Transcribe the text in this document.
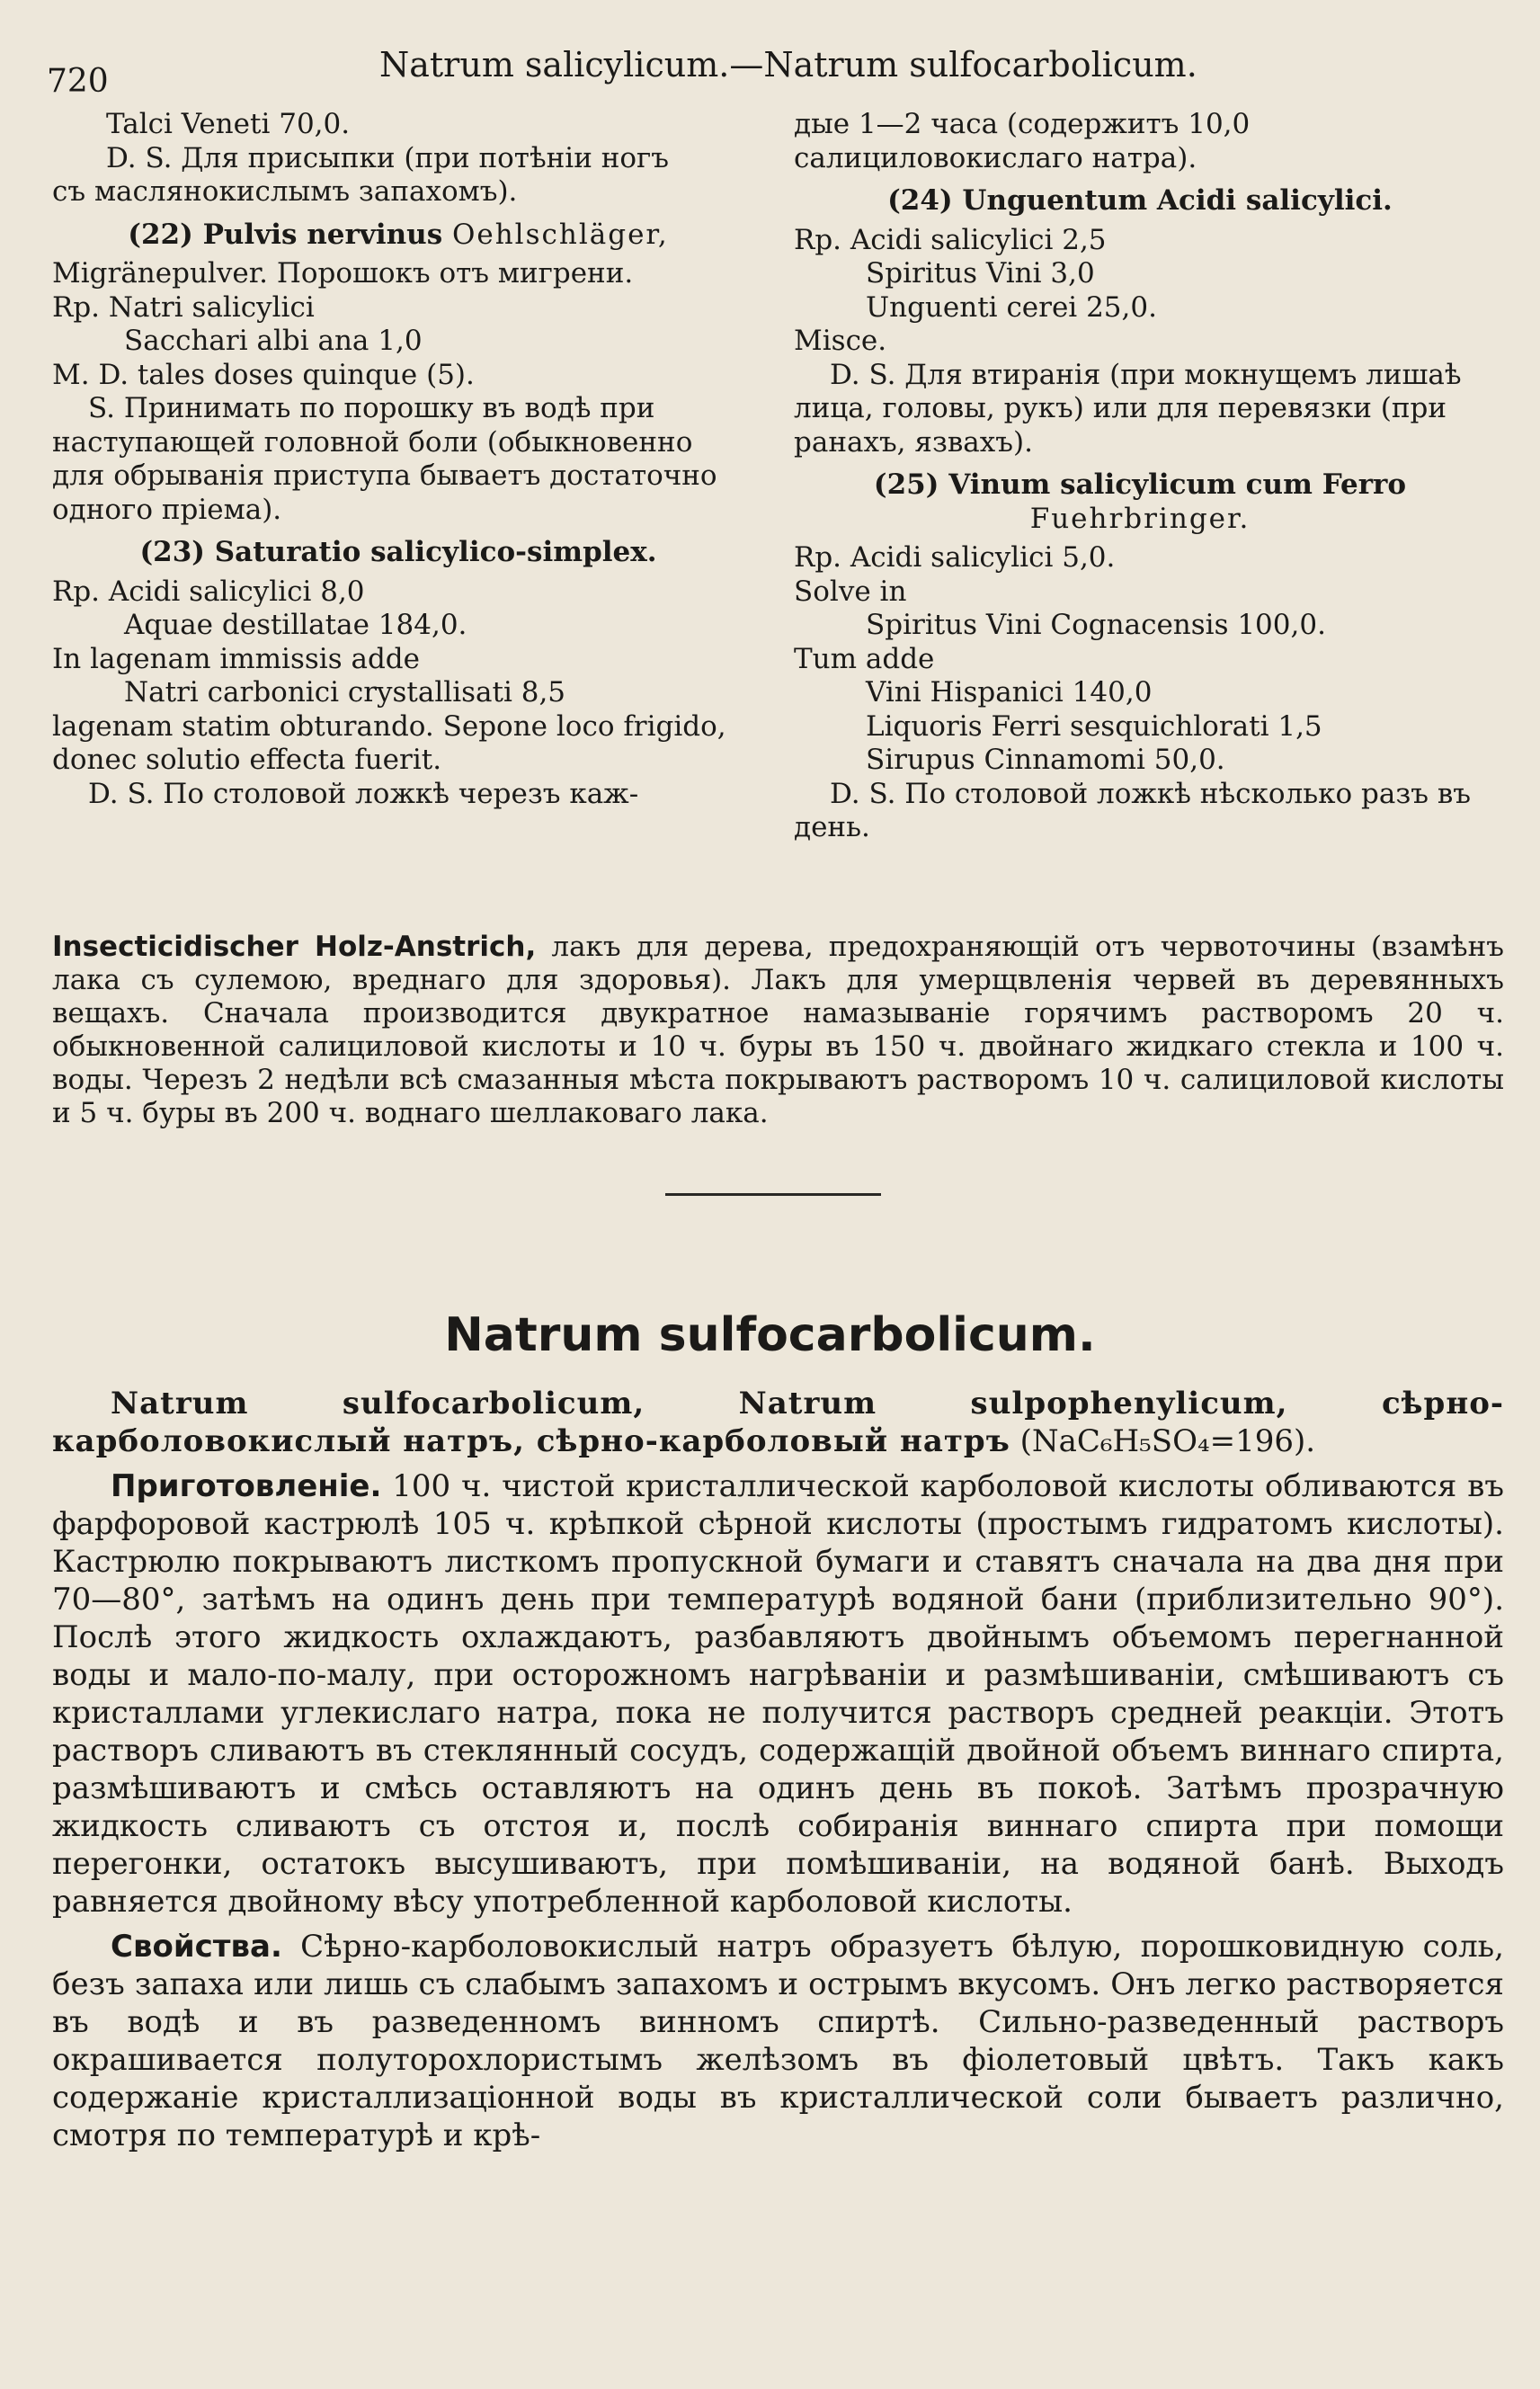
720	Natrum salicylicum.—Natrum sulfocarbolicum.

Talci Veneti 70,0.

D. S. Для присыпки (при потѣніи ногъ

съ маслянокислымъ запахомъ).

(22) Pulvis nervinus Oehlschläger,

Migränepulver. Порошокъ отъ мигрени.

Rp. Natri salicylici

Sacchari albi ana 1,0

M. D. tales doses quinque (5).

S. Принимать по порошку въ водѣ при наступающей головной боли (обыкновенно для обрыванія приступа бываетъ достаточно одного пріема).

(23) Saturatio salicylico-simplex.

Rp. Acidi salicylici 8,0

Aquae destillatae 184,0.

In lagenam immissis adde

Natri carbonici crystallisati 8,5

lagenam statim obturando. Sepone loco frigido, donec solutio effecta fuerit.

D. S. По столовой ложкѣ черезъ каж-

дые 1—2 часа (содержитъ 10,0 салициловокислаго натра).

(24) Unguentum Acidi salicylici.

Rp. Acidi salicylici 2,5

Spiritus Vini 3,0

Unguenti cerei 25,0.

Misce.

D. S. Для втиранія (при мокнущемъ лишаѣ лица, головы, рукъ) или для перевязки (при ранахъ, язвахъ).

(25) Vinum salicylicum cum Ferro Fuehrbringer.

Rp. Acidi salicylici 5,0.

Solve in

Spiritus Vini Cognacensis 100,0.

Tum adde

Vini Hispanici 140,0

Liquoris Ferri sesquichlorati 1,5

Sirupus Cinnamomi 50,0.

D. S. По столовой ложкѣ нѣсколько разъ въ день.

Insecticidischer Holz-Anstrich, лакъ для дерева, предохраняющій отъ червоточины (взамѣнъ лака съ сулемою, вреднаго для здоровья). Лакъ для умерщвленія червей въ деревянныхъ вещахъ. Сначала производится двукратное намазываніе горячимъ растворомъ 20 ч. обыкновенной салициловой кислоты и 10 ч. буры въ 150 ч. двойнаго жидкаго стекла и 100 ч. воды. Черезъ 2 недѣли всѣ смазанныя мѣста покрываютъ растворомъ 10 ч. салициловой кислоты и 5 ч. буры въ 200 ч. воднаго шеллаковаго лака.
Natrum sulfocarbolicum.

Natrum sulfocarbolicum, Natrum sulpophenylicum, сѣрно-карболовокислый натръ, сѣрно-карболовый натръ (NaC₆H₅SO₄=196).

Приготовленіе. 100 ч. чистой кристаллической карболовой кислоты обливаются въ фарфоровой кастрюлѣ 105 ч. крѣпкой сѣрной кислоты (простымъ гидратомъ кислоты). Кастрюлю покрываютъ листкомъ пропускной бумаги и ставятъ сначала на два дня при 70—80°, затѣмъ на одинъ день при температурѣ водяной бани (приблизительно 90°). Послѣ этого жидкость охлаждаютъ, разбавляютъ двойнымъ объемомъ перегнанной воды и мало-по-малу, при осторожномъ нагрѣваніи и размѣшиваніи, смѣшиваютъ съ кристаллами углекислаго натра, пока не получится растворъ средней реакціи. Этотъ растворъ сливаютъ въ стеклянный сосудъ, содержащій двойной объемъ виннаго спирта, размѣшиваютъ и смѣсь оставляютъ на одинъ день въ покоѣ. Затѣмъ прозрачную жидкость сливаютъ съ отстоя и, послѣ собиранія виннаго спирта при помощи перегонки, остатокъ высушиваютъ, при помѣшиваніи, на водяной банѣ. Выходъ равняется двойному вѣсу употребленной карболовой кислоты.

Свойства. Сѣрно-карболовокислый натръ образуетъ бѣлую, порошковидную соль, безъ запаха или лишь съ слабымъ запахомъ и острымъ вкусомъ. Онъ легко растворяется въ водѣ и въ разведенномъ винномъ спиртѣ. Сильно-разведенный растворъ окрашивается полуторохлористымъ желѣзомъ въ фіолетовый цвѣтъ. Такъ какъ содержаніе кристаллизаціонной воды въ кристаллической соли бываетъ различно, смотря по температурѣ и крѣ-
